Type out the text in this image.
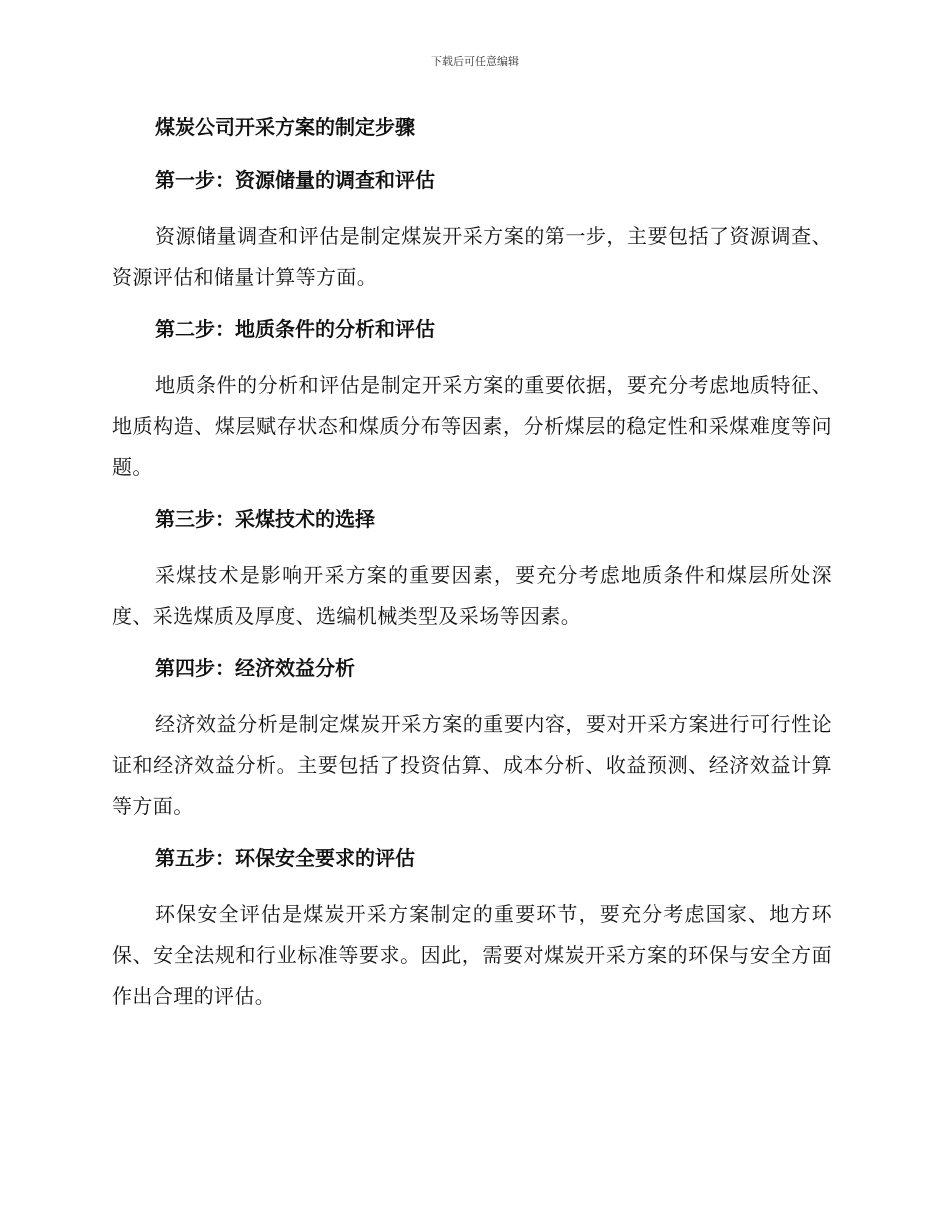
下载后可任意编辑
煤炭公司开采方案的制定步骤
第一步：资源储量的调查和评估
资源储量调查和评估是制定煤炭开采方案的第一步，主要包括了资源调查、资源评估和储量计算等方面。
第二步：地质条件的分析和评估
地质条件的分析和评估是制定开采方案的重要依据，要充分考虑地质特征、地质构造、煤层赋存状态和煤质分布等因素，分析煤层的稳定性和采煤难度等问题。
第三步：采煤技术的选择
采煤技术是影响开采方案的重要因素，要充分考虑地质条件和煤层所处深度、采选煤质及厚度、选编机械类型及采场等因素。
第四步：经济效益分析
经济效益分析是制定煤炭开采方案的重要内容，要对开采方案进行可行性论证和经济效益分析。主要包括了投资估算、成本分析、收益预测、经济效益计算等方面。
第五步：环保安全要求的评估
环保安全评估是煤炭开采方案制定的重要环节，要充分考虑国家、地方环保、安全法规和行业标准等要求。因此，需要对煤炭开采方案的环保与安全方面作出合理的评估。
